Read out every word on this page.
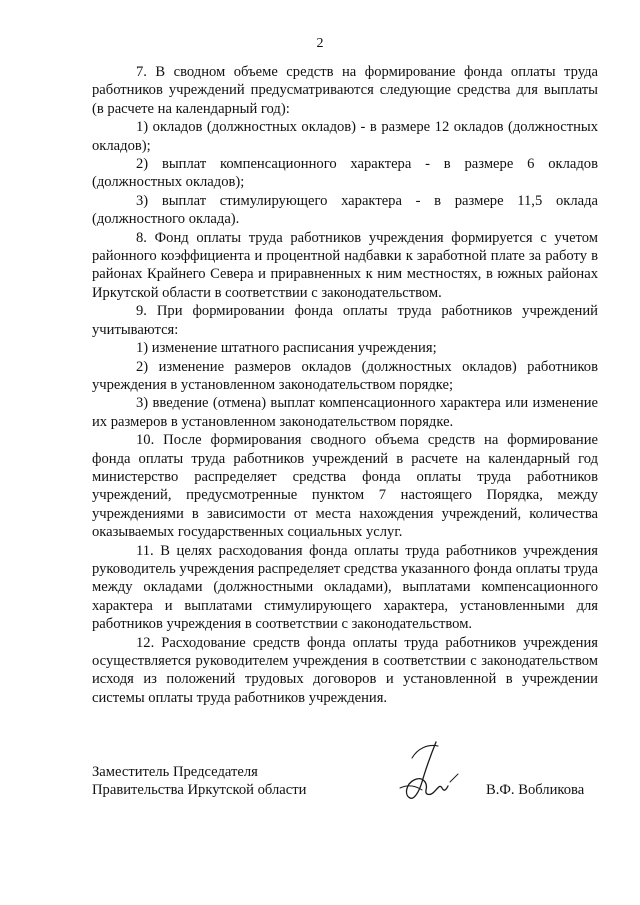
2

7. В сводном объеме средств на формирование фонда оплаты труда работников учреждений предусматриваются следующие средства для выплаты (в расчете на календарный год):

1) окладов (должностных окладов) - в размере 12 окладов (должностных окладов);

2) выплат компенсационного характера - в размере 6 окладов (должностных окладов);

3) выплат стимулирующего характера - в размере 11,5 оклада (должностного оклада).

8. Фонд оплаты труда работников учреждения формируется с учетом районного коэффициента и процентной надбавки к заработной плате за работу в районах Крайнего Севера и приравненных к ним местностях, в южных районах Иркутской области в соответствии с законодательством.

9. При формировании фонда оплаты труда работников учреждений учитываются:

1) изменение штатного расписания учреждения;

2) изменение размеров окладов (должностных окладов) работников учреждения в установленном законодательством порядке;

3) введение (отмена) выплат компенсационного характера или изменение их размеров в установленном законодательством порядке.

10. После формирования сводного объема средств на формирование фонда оплаты труда работников учреждений в расчете на календарный год министерство распределяет средства фонда оплаты труда работников учреждений, предусмотренные пунктом 7 настоящего Порядка, между учреждениями в зависимости от места нахождения учреждений, количества оказываемых государственных социальных услуг.

11. В целях расходования фонда оплаты труда работников учреждения руководитель учреждения распределяет средства указанного фонда оплаты труда между окладами (должностными окладами), выплатами компенсационного характера и выплатами стимулирующего характера, установленными для работников учреждения в соответствии с законодательством.

12. Расходование средств фонда оплаты труда работников учреждения осуществляется руководителем учреждения в соответствии с законодательством исходя из положений трудовых договоров и установленной в учреждении системы оплаты труда работников учреждения.

Заместитель Председателя
Правительства Иркутской области	В.Ф. Вобликова
